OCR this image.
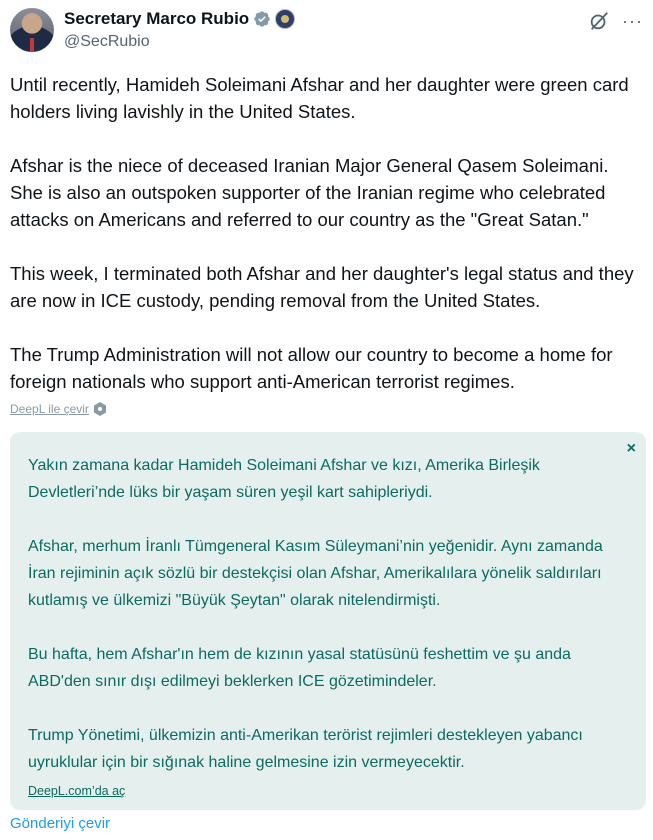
Secretary Marco Rubio
@SecRubio
···

Until recently, Hamideh Soleimani Afshar and her daughter were green card holders living lavishly in the United States.

Afshar is the niece of deceased Iranian Major General Qasem Soleimani. She is also an outspoken supporter of the Iranian regime who celebrated attacks on Americans and referred to our country as the "Great Satan."

This week, I terminated both Afshar and her daughter's legal status and they are now in ICE custody, pending removal from the United States.

The Trump Administration will not allow our country to become a home for foreign nationals who support anti-American terrorist regimes.

DeepL ile çevir
×

Yakın zamana kadar Hamideh Soleimani Afshar ve kızı, Amerika Birleşik Devletleri’nde lüks bir yaşam süren yeşil kart sahipleriydi.

Afshar, merhum İranlı Tümgeneral Kasım Süleymani’nin yeğenidir. Aynı zamanda İran rejiminin açık sözlü bir destekçisi olan Afshar, Amerikalılara yönelik saldırıları kutlamış ve ülkemizi "Büyük Şeytan" olarak nitelendirmişti.

Bu hafta, hem Afshar'ın hem de kızının yasal statüsünü feshettim ve şu anda ABD'den sınır dışı edilmeyi beklerken ICE gözetimindeler.

Trump Yönetimi, ülkemizin anti-Amerikan terörist rejimleri destekleyen yabancı uyruklular için bir sığınak haline gelmesine izin vermeyecektir.

DeepL.com’da aç
Gönderiyi çevir
